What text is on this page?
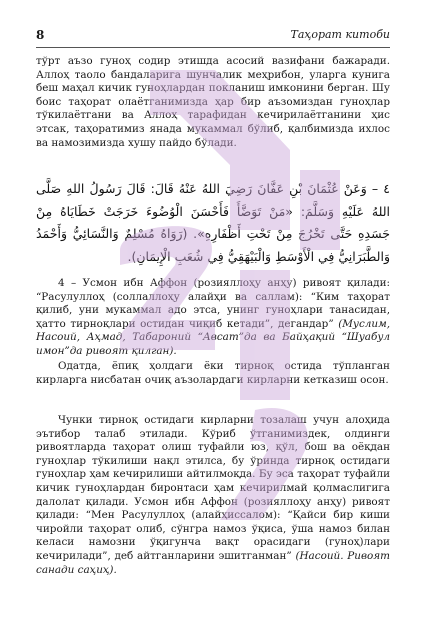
8	Таҳорат китоби

тўрт аъзо гуноҳ содир этишда асосий вазифани бажаради. Аллоҳ таоло бандаларига шунчалик меҳрибон, уларга кунига беш маҳал кичик гуноҳлардан покланиш имконини берган. Шу боис таҳорат олаётганимизда ҳар бир аъзомиздан гуноҳлар тўкилаётгани ва Аллоҳ тарафидан кечирилаётганини ҳис этсак, таҳоратимиз янада мукаммал бўлиб, қалбимизда ихлос ва намозимизда хушу пайдо бўлади.

٤ – وَعَنْ عُثْمَانَ بْنِ عَفَّانَ رَضِيَ اللهُ عَنْهُ قَالَ: قَالَ رَسُولُ اللهِ صَلَّى اللهُ عَلَيْهِ وَسَلَّمَ: «مَنْ تَوَضَّأَ فَأَحْسَنَ الْوُضُوءَ خَرَجَتْ خَطَايَاهُ مِنْ جَسَدِهِ حَتَّى تَخْرُجَ مِنْ تَحْتِ أَظْفَارِهِ». (رَوَاهُ مُسْلِمٌ وَالنَّسَائِيُّ وَأَحْمَدُ وَالطَّبَرَانِيُّ فِي الْأَوْسَطِ وَالْبَيْهَقِيُّ فِي شُعَبِ الْإِيمَانِ).

4 – Усмон ибн Аффон (розияллоҳу анҳу) ривоят қилади: “Расулуллоҳ (соллаллоҳу алайҳи ва саллам): “Ким таҳорат қилиб, уни мукаммал адо этса, унинг гуноҳлари танасидан, ҳатто тирноқлари остидан чиқиб кетади”, дегандар” (Муслим, Насоий, Аҳмад, Табароний “Авсат”да ва Байҳақий “Шуабул имон”да ривоят қилган).

Одатда, ёпиқ ҳолдаги ёки тирноқ остида тўпланган кирларга нисбатан очиқ аъзолардаги кирларни кетказиш осон.

Чунки тирноқ остидаги кирларни тозалаш учун алоҳида эътибор талаб этилади. Кўриб ўтганимиздек, олдинги ривоятларда таҳорат олиш туфайли юз, қўл, бош ва оёқдан гуноҳлар тўкилиши нақл этилса, бу ўринда тирноқ остидаги гуноҳлар ҳам кечирилиши айтилмоқда. Бу эса таҳорат туфайли кичик гуноҳлардан биронтаси ҳам кечирилмай қолмаслигига далолат қилади. Усмон ибн Аффон (розияллоҳу анҳу) ривоят қилади: “Мен Расулуллоҳ (алайҳиссалом): “Қайси бир киши чиройли таҳорат олиб, сўнгра намоз ўқиса, ўша намоз билан келаси намозни ўқигунча вақт орасидаги (гуноҳ)лари кечирилади”, деб айтганларини эшитганман” (Насоий. Ривоят санади саҳиҳ).
